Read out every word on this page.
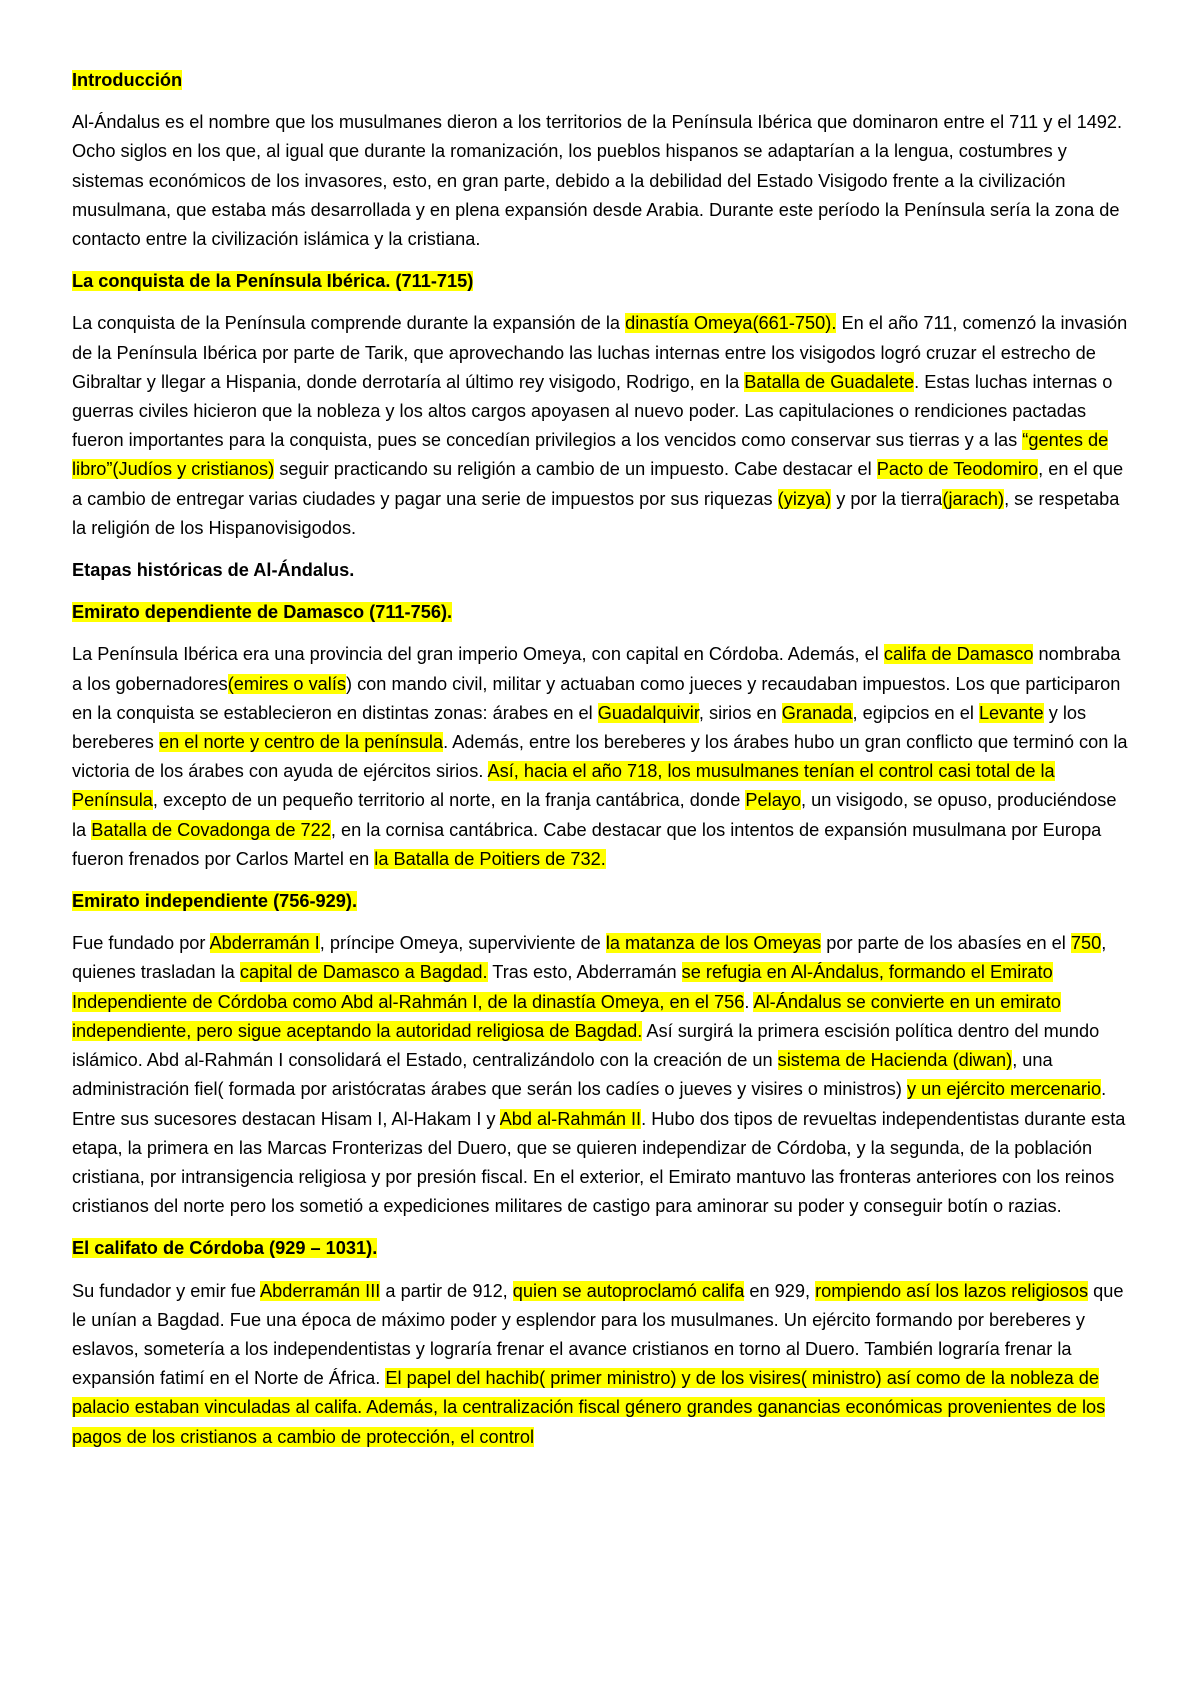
Introducción

Al-Ándalus es el nombre que los musulmanes dieron a los territorios de la Península Ibérica que dominaron entre el 711 y el 1492. Ocho siglos en los que, al igual que durante la romanización, los pueblos hispanos se adaptarían a la lengua, costumbres y sistemas económicos de los invasores, esto, en gran parte, debido a la debilidad del Estado Visigodo frente a la civilización musulmana, que estaba más desarrollada y en plena expansión desde Arabia. Durante este período la Península sería la zona de contacto entre la civilización islámica y la cristiana.

La conquista de la Península Ibérica. (711-715)

La conquista de la Península comprende durante la expansión de la dinastía Omeya(661-750). En el año 711, comenzó la invasión de la Península Ibérica por parte de Tarik, que aprovechando las luchas internas entre los visigodos logró cruzar el estrecho de Gibraltar y llegar a Hispania, donde derrotaría al último rey visigodo, Rodrigo, en la Batalla de Guadalete. Estas luchas internas o guerras civiles hicieron que la nobleza y los altos cargos apoyasen al nuevo poder. Las capitulaciones o rendiciones pactadas fueron importantes para la conquista, pues se concedían privilegios a los vencidos como conservar sus tierras y a las “gentes de libro”(Judíos y cristianos) seguir practicando su religión a cambio de un impuesto. Cabe destacar el Pacto de Teodomiro, en el que a cambio de entregar varias ciudades y pagar una serie de impuestos por sus riquezas (yizya) y por la tierra(jarach), se respetaba la religión de los Hispanovisigodos.

Etapas históricas de Al-Ándalus.

Emirato dependiente de Damasco (711-756).

La Península Ibérica era una provincia del gran imperio Omeya, con capital en Córdoba. Además, el califa de Damasco nombraba a los gobernadores(emires o valís) con mando civil, militar y actuaban como jueces y recaudaban impuestos. Los que participaron en la conquista se establecieron en distintas zonas: árabes en el Guadalquivir, sirios en Granada, egipcios en el Levante y los bereberes en el norte y centro de la península. Además, entre los bereberes y los árabes hubo un gran conflicto que terminó con la victoria de los árabes con ayuda de ejércitos sirios. Así, hacia el año 718, los musulmanes tenían el control casi total de la Península, excepto de un pequeño territorio al norte, en la franja cantábrica, donde Pelayo, un visigodo, se opuso, produciéndose la Batalla de Covadonga de 722, en la cornisa cantábrica. Cabe destacar que los intentos de expansión musulmana por Europa fueron frenados por Carlos Martel en la Batalla de Poitiers de 732.

Emirato independiente (756-929).

Fue fundado por Abderramán I, príncipe Omeya, superviviente de la matanza de los Omeyas por parte de los abasíes en el 750, quienes trasladan la capital de Damasco a Bagdad. Tras esto, Abderramán se refugia en Al-Ándalus, formando el Emirato Independiente de Córdoba como Abd al-Rahmán I, de la dinastía Omeya, en el 756. Al-Ándalus se convierte en un emirato independiente, pero sigue aceptando la autoridad religiosa de Bagdad. Así surgirá la primera escisión política dentro del mundo islámico. Abd al-Rahmán I consolidará el Estado, centralizándolo con la creación de un sistema de Hacienda (diwan), una administración fiel( formada por aristócratas árabes que serán los cadíes o jueves y visires o ministros) y un ejército mercenario. Entre sus sucesores destacan Hisam I, Al-Hakam I y Abd al-Rahmán II. Hubo dos tipos de revueltas independentistas durante esta etapa, la primera en las Marcas Fronterizas del Duero, que se quieren independizar de Córdoba, y la segunda, de la población cristiana, por intransigencia religiosa y por presión fiscal. En el exterior, el Emirato mantuvo las fronteras anteriores con los reinos cristianos del norte pero los sometió a expediciones militares de castigo para aminorar su poder y conseguir botín o razias.

El califato de Córdoba (929 – 1031).

Su fundador y emir fue Abderramán III a partir de 912, quien se autoproclamó califa en 929, rompiendo así los lazos religiosos que le unían a Bagdad. Fue una época de máximo poder y esplendor para los musulmanes. Un ejército formando por bereberes y eslavos, sometería a los independentistas y lograría frenar el avance cristianos en torno al Duero. También lograría frenar la expansión fatimí en el Norte de África. El papel del hachib( primer ministro) y de los visires( ministro) así como de la nobleza de palacio estaban vinculadas al califa. Además, la centralización fiscal género grandes ganancias económicas provenientes de los pagos de los cristianos a cambio de protección, el control
